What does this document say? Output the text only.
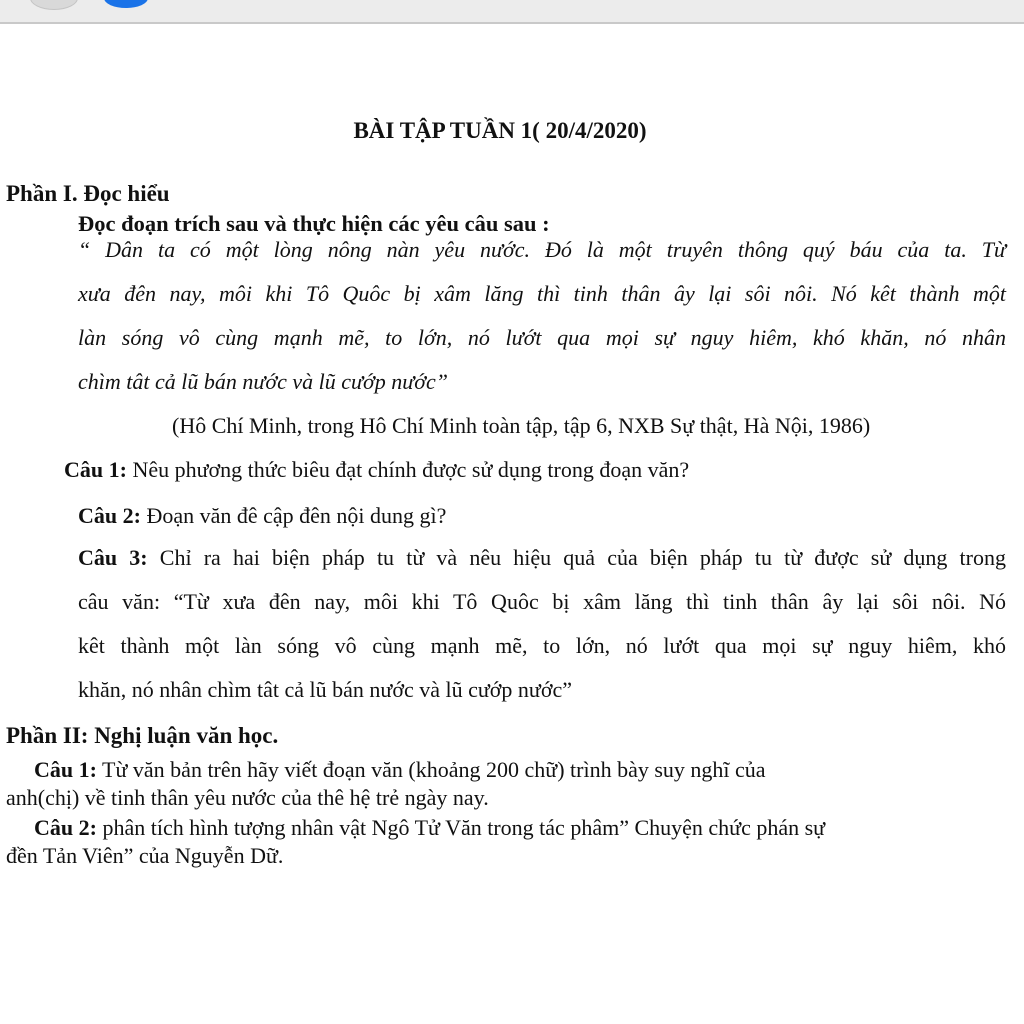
BÀI TẬP TUẦN 1( 20/4/2020)
Phần I. Đọc hiểu
Đọc đoạn trích sau và thực hiện các yêu câu sau :
“ Dân ta có một lòng nông nàn yêu nước. Đó là một truyên thông quý báu của ta. Từ
xưa đên nay, môi khi Tô Quôc bị xâm lăng thì tinh thân ây lại sôi nôi. Nó kêt thành một
làn sóng vô cùng mạnh mẽ, to lớn, nó lướt qua mọi sự nguy hiêm, khó khăn, nó nhân
chìm tât cả lũ bán nước và lũ cướp nước”
(Hô Chí Minh, trong Hô Chí Minh toàn tập, tập 6, NXB Sự thật, Hà Nội, 1986)
Câu 1: Nêu phương thức biêu đạt chính được sử dụng trong đoạn văn?
Câu 2: Đoạn văn đê cập đên nội dung gì?
Câu 3: Chỉ ra hai biện pháp tu từ và nêu hiệu quả của biện pháp tu từ được sử dụng trong
câu văn: “Từ xưa đên nay, môi khi Tô Quôc bị xâm lăng thì tinh thân ây lại sôi nôi. Nó
kêt thành một làn sóng vô cùng mạnh mẽ, to lớn, nó lướt qua mọi sự nguy hiêm, khó
khăn, nó nhân chìm tât cả lũ bán nước và lũ cướp nước”
Phần II: Nghị luận văn học.
Câu 1: Từ văn bản trên hãy viết đoạn văn (khoảng 200 chữ) trình bày suy nghĩ của
anh(chị) về tinh thân yêu nước của thê hệ trẻ ngày nay.
Câu 2: phân tích hình tượng nhân vật Ngô Tử Văn trong tác phâm” Chuyện chức phán sự
đền Tản Viên” của Nguyễn Dữ.
